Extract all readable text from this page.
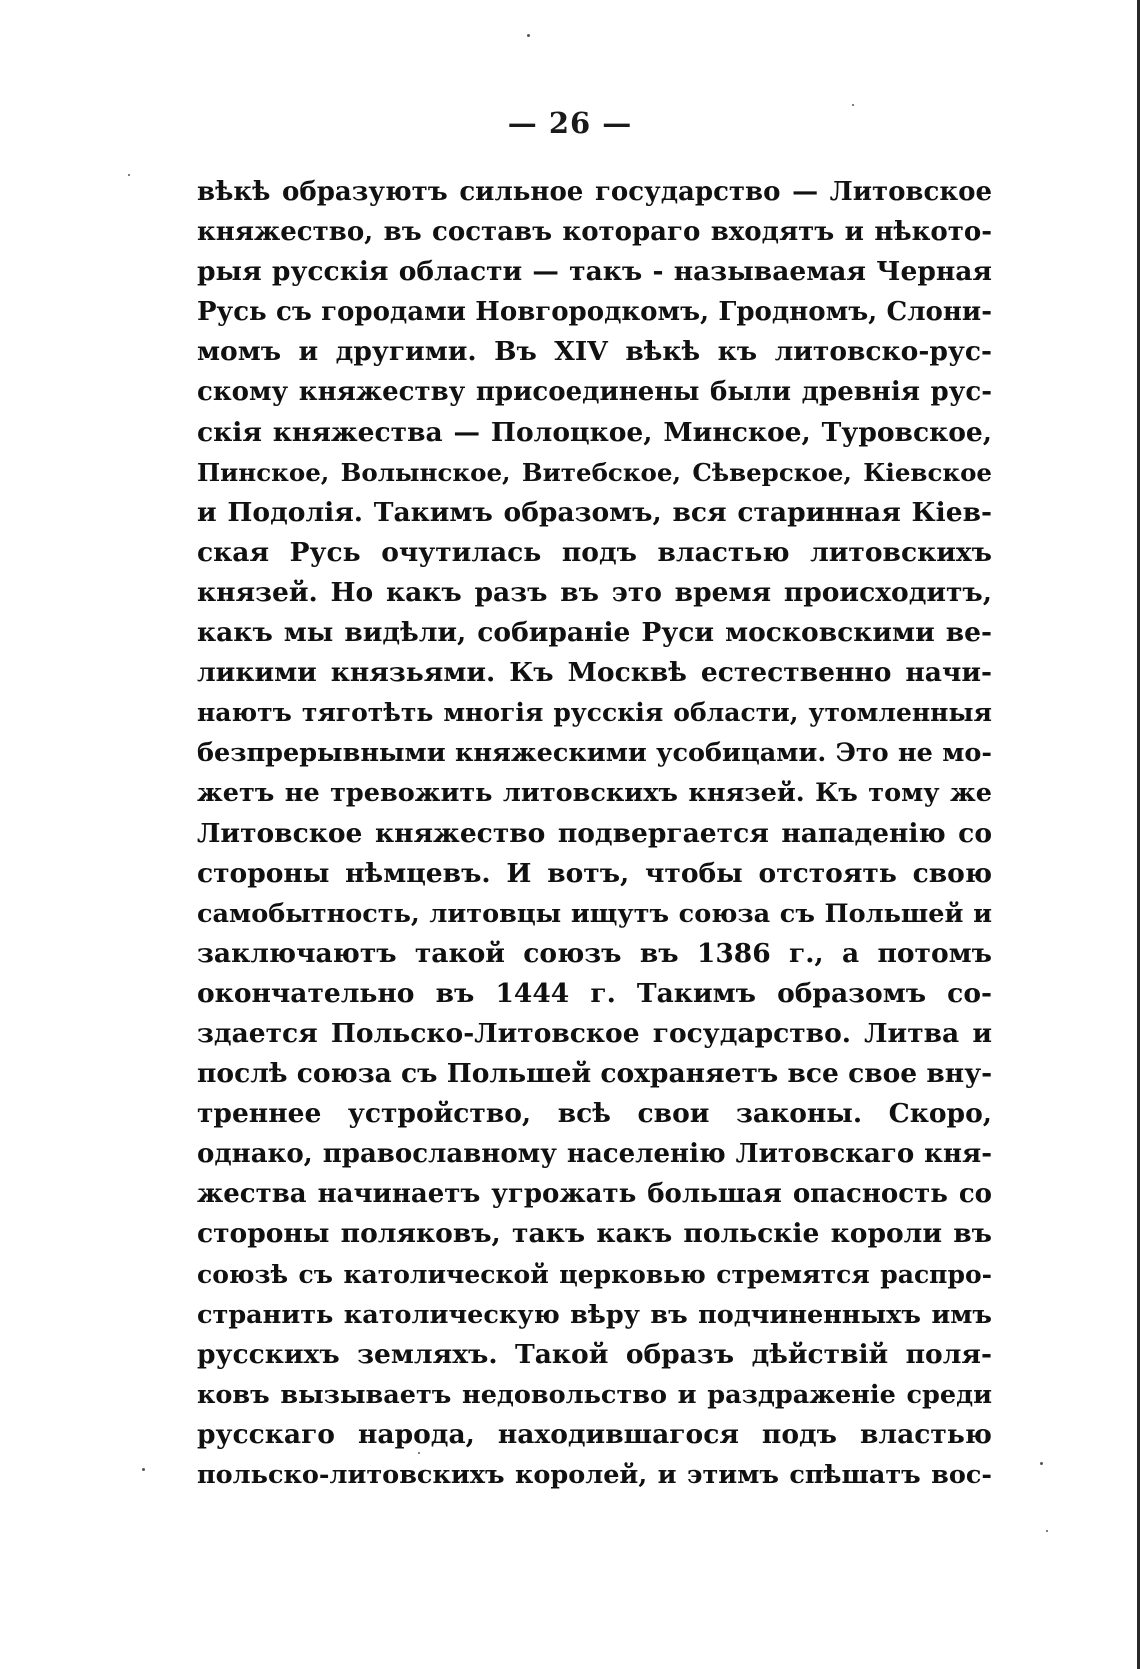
— 26 —
вѣкѣ образуютъ сильное государство — Литовское
княжество, въ составъ котораго входятъ и нѣкото-
рыя русскія области — такъ - называемая Черная
Русь съ городами Новгородкомъ, Гродномъ, Слони-
момъ и другими. Въ XIV вѣкѣ къ литовско-рус-
скому княжеству присоединены были древнія рус-
скія княжества — Полоцкое, Минское, Туровское,
Пинское, Волынское, Витебское, Сѣверское, Кіевское
и Подолія. Такимъ образомъ, вся старинная Кіев-
ская Русь очутилась подъ властью литовскихъ
князей. Но какъ разъ въ это время происходитъ,
какъ мы видѣли, собираніе Руси московскими ве-
ликими князьями. Къ Москвѣ естественно начи-
наютъ тяготѣть многія русскія области, утомленныя
безпрерывными княжескими усобицами. Это не мо-
жетъ не тревожить литовскихъ князей. Къ тому же
Литовское княжество подвергается нападенію со
стороны нѣмцевъ. И вотъ, чтобы отстоять свою
самобытность, литовцы ищутъ союза съ Польшей и
заключаютъ такой союзъ въ 1386 г., а потомъ
окончательно въ 1444 г. Такимъ образомъ со-
здается Польско-Литовское государство. Литва и
послѣ союза съ Польшей сохраняетъ все свое вну-
треннее устройство, всѣ свои законы. Скоро,
однако, православному населенію Литовскаго кня-
жества начинаетъ угрожать большая опасность со
стороны поляковъ, такъ какъ польскіе короли въ
союзѣ съ католической церковью стремятся распро-
странить католическую вѣру въ подчиненныхъ имъ
русскихъ земляхъ. Такой образъ дѣйствій поля-
ковъ вызываетъ недовольство и раздраженіе среди
русскаго народа, находившагося подъ властью
польско-литовскихъ королей, и этимъ спѣшатъ вос-
